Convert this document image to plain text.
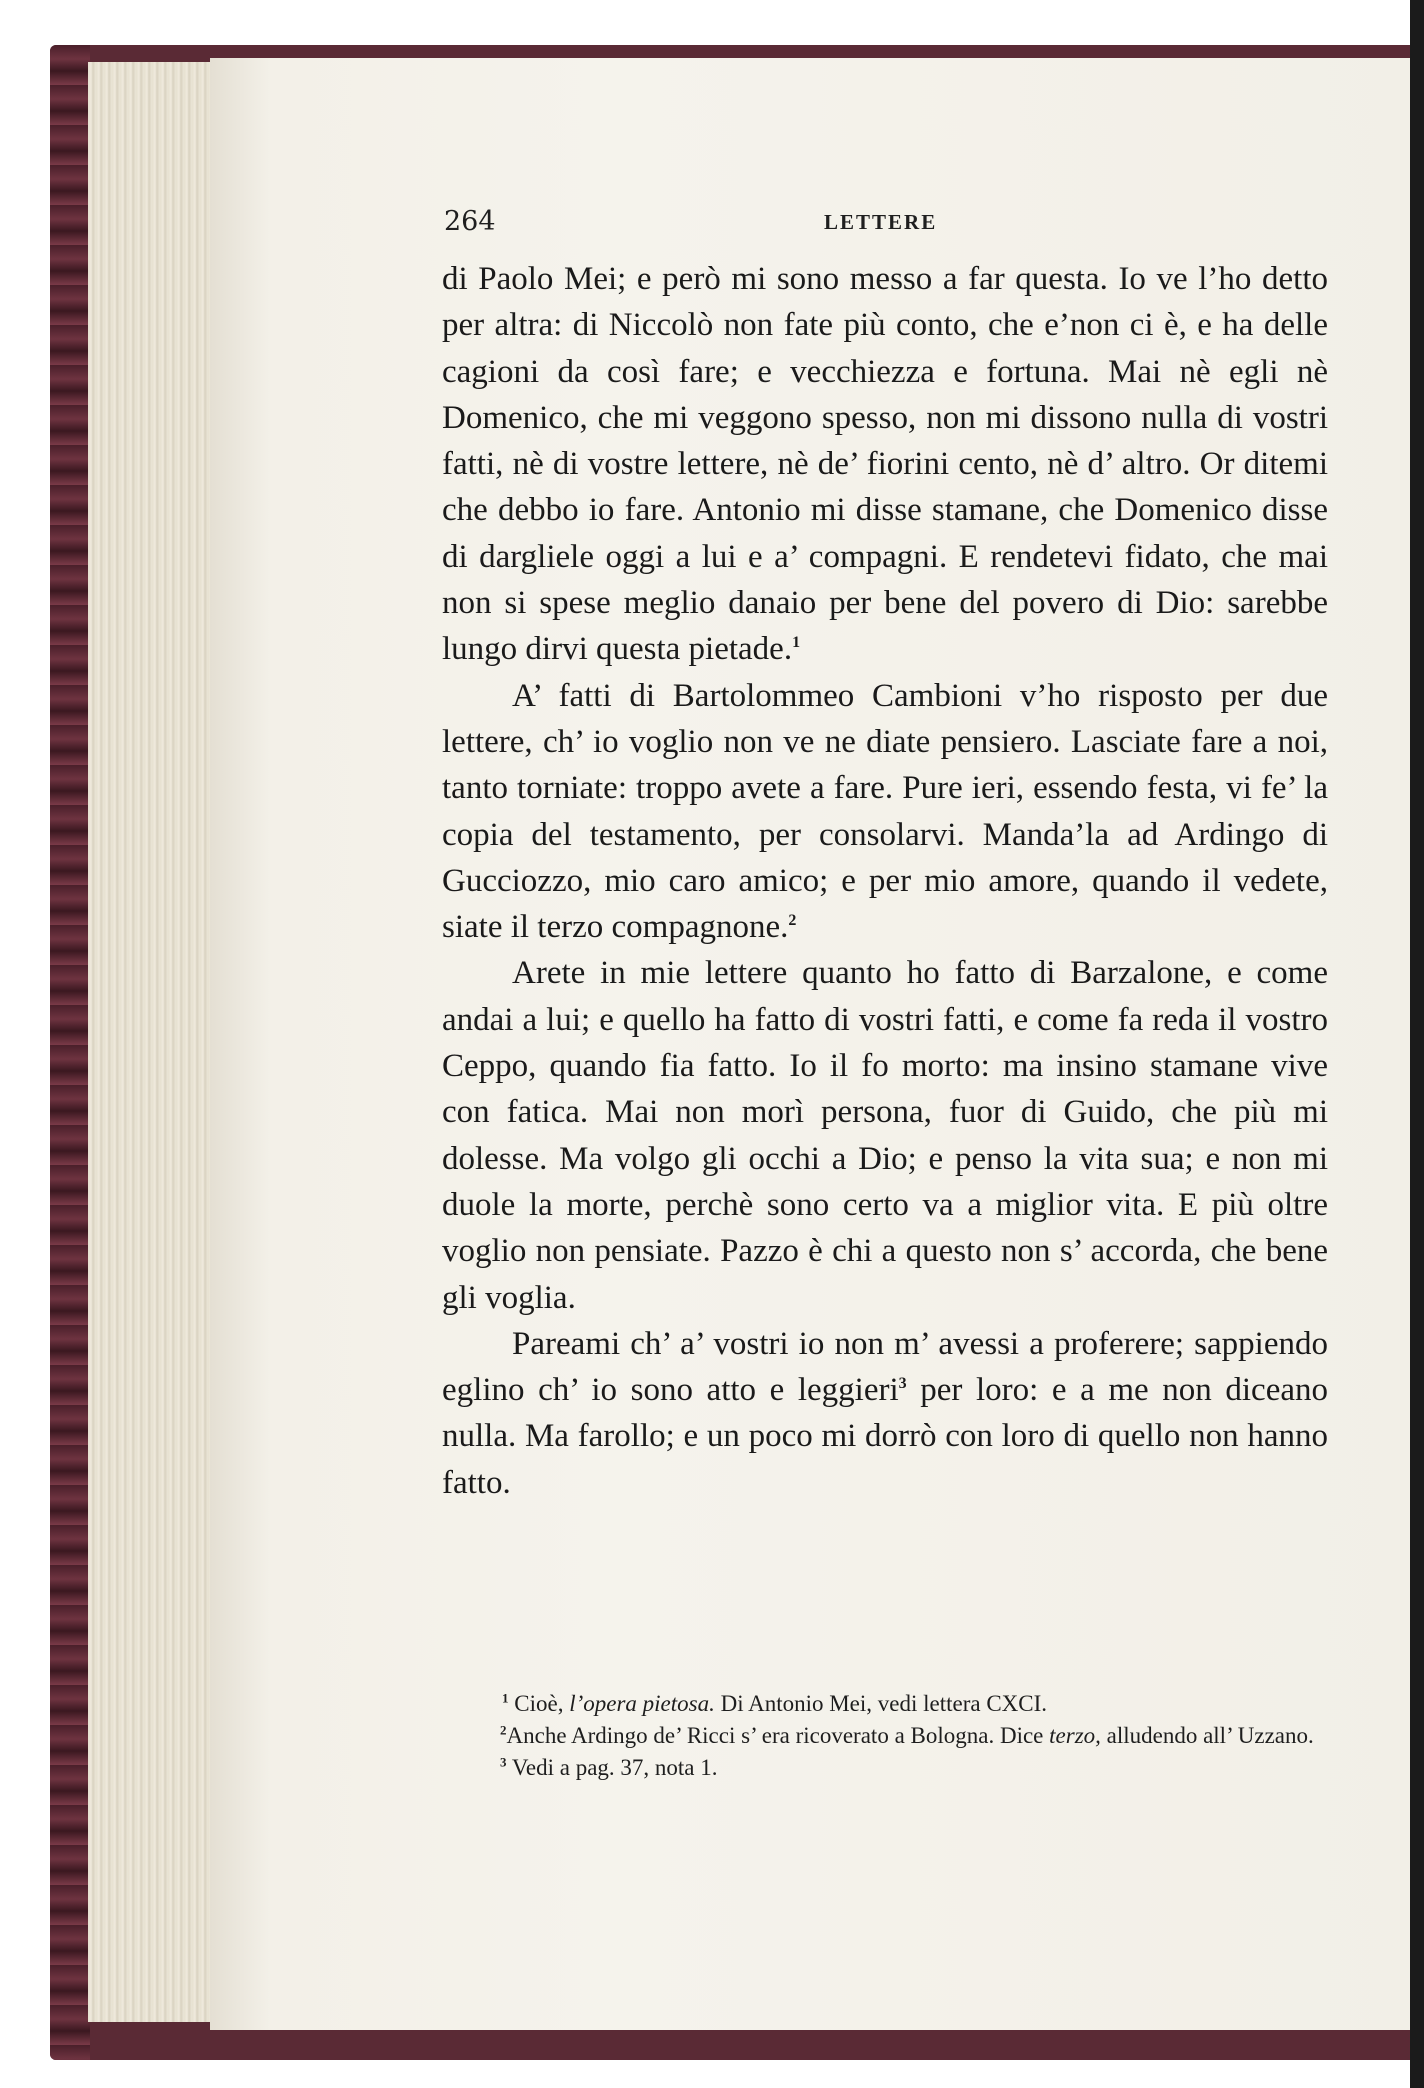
264	LETTERE

di Paolo Mei; e però mi sono messo a far questa. Io ve l’ho detto per altra: di Niccolò non fate più conto, che e’non ci è, e ha delle cagioni da così fare; e vecchiezza e fortuna. Mai nè egli nè Domenico, che mi veggono spesso, non mi dissono nulla di vostri fatti, nè di vostre lettere, nè de’ fiorini cento, nè d’ altro. Or ditemi che debbo io fare. Antonio mi disse stamane, che Domenico disse di dargliele oggi a lui e a’ compagni. E rendetevi fidato, che mai non si spese meglio danaio per bene del povero di Dio: sarebbe lungo dirvi questa pietade.$^1$

A’ fatti di Bartolommeo Cambioni v’ho risposto per due lettere, ch’ io voglio non ve ne diate pensiero. Lasciate fare a noi, tanto torniate: troppo avete a fare. Pure ieri, essendo festa, vi fe’ la copia del testamento, per consolarvi. Manda’la ad Ardingo di Gucciozzo, mio caro amico; e per mio amore, quando il vedete, siate il terzo compagnone.$^2$

Arete in mie lettere quanto ho fatto di Barzalone, e come andai a lui; e quello ha fatto di vostri fatti, e come fa reda il vostro Ceppo, quando fia fatto. Io il fo morto: ma insino stamane vive con fatica. Mai non morì persona, fuor di Guido, che più mi dolesse. Ma volgo gli occhi a Dio; e penso la vita sua; e non mi duole la morte, perchè sono certo va a miglior vita. E più oltre voglio non pensiate. Pazzo è chi a questo non s’ accorda, che bene gli voglia.

Pareami ch’ a’ vostri io non m’ avessi a proferere; sappiendo eglino ch’ io sono atto e leggieri$^3$ per loro: e a me non diceano nulla. Ma farollo; e un poco mi dorrò con loro di quello non hanno fatto.

$^1$ Cioè, l’opera pietosa. Di Antonio Mei, vedi lettera CXCI.

$^2$Anche Ardingo de’ Ricci s’ era ricoverato a Bologna. Dice terzo, alludendo all’ Uzzano.

$^3$ Vedi a pag. 37, nota 1.
